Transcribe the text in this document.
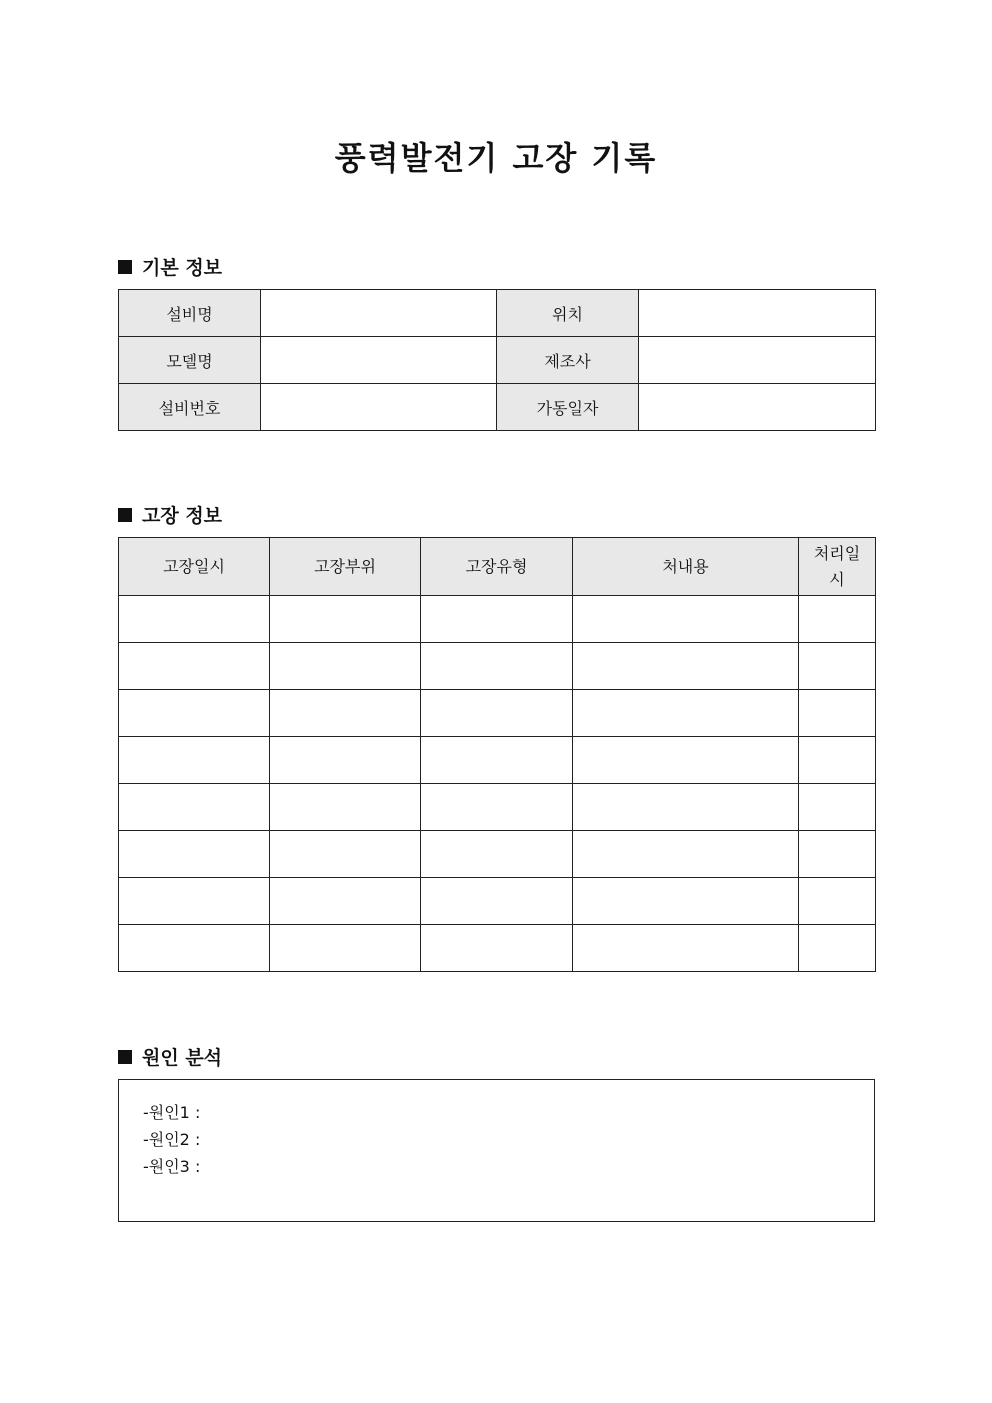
풍력발전기 고장 기록
기본 정보
설비명		위치	
모델명		제조사	
설비번호		가동일자	
고장 정보
고장일시	고장부위	고장유형	처내용	처리일
시

원인 분석
-원인1 :
-원인2 :
-원인3 :
